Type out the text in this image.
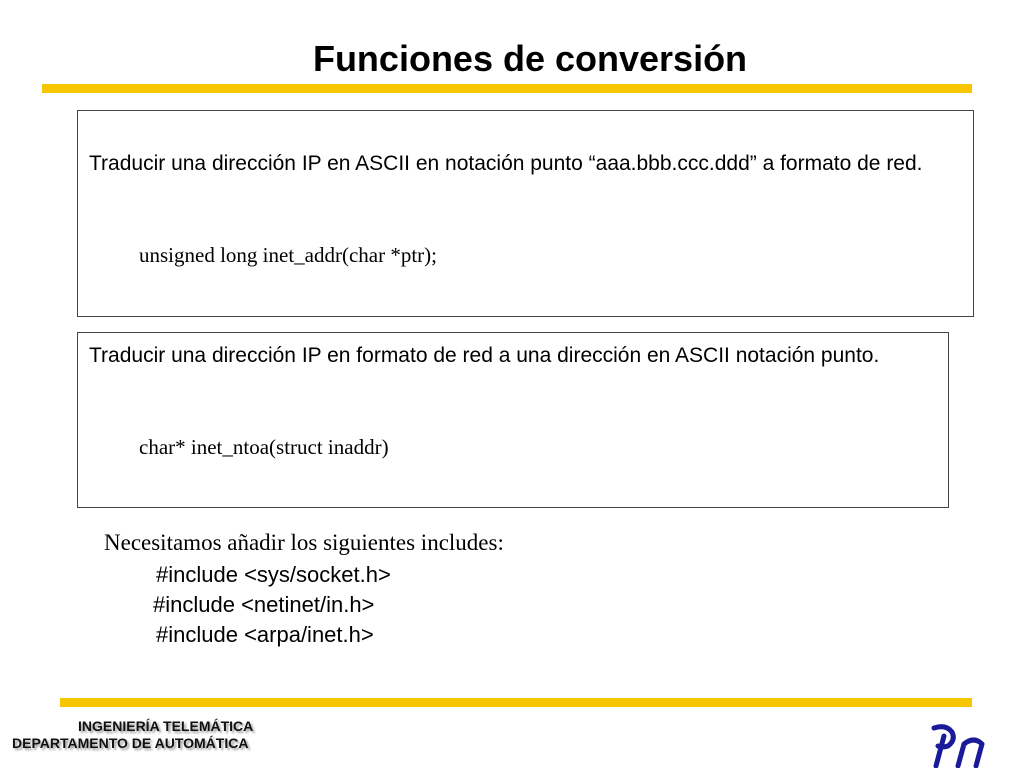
Funciones de conversión
Traducir una dirección IP en ASCII en notación punto “aaa.bbb.ccc.ddd” a formato de red.
unsigned long inet_addr(char *ptr);
Traducir una dirección IP en formato de red a una dirección en ASCII notación punto.
char* inet_ntoa(struct inaddr)
Necesitamos añadir los siguientes includes:
#include <sys/socket.h>
#include <netinet/in.h>
#include <arpa/inet.h>
INGENIERÍA TELEMÁTICA
DEPARTAMENTO DE AUTOMÁTICA
